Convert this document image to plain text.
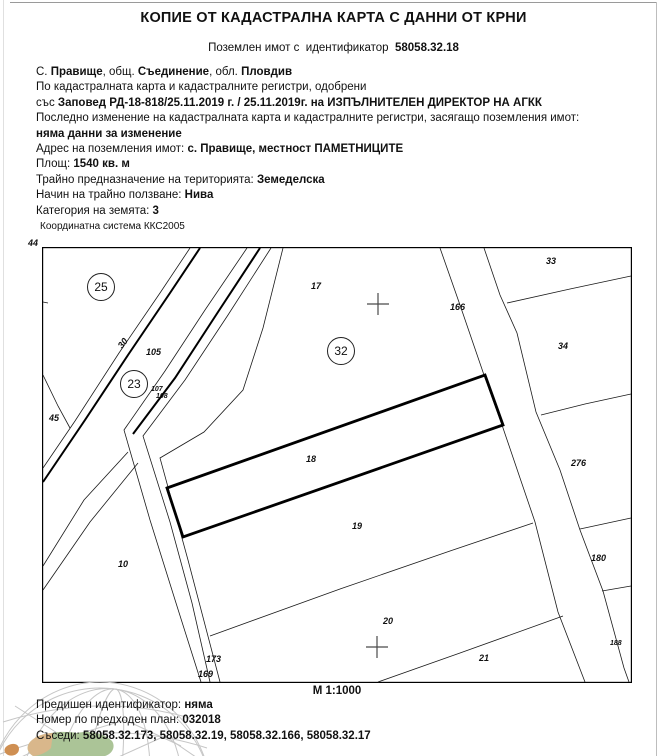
КОПИЕ ОТ КАДАСТРАЛНА КАРТА С ДАННИ ОТ КРНИ
Поземлен имот с  идентификатор 58058.32.18
С. Правище, общ. Съединение, обл. Пловдив
По кадастралната карта и кадастралните регистри, одобрени
със Заповед РД-18-818/25.11.2019 г. / 25.11.2019г. на ИЗПЪЛНИТЕЛЕН ДИРЕКТОР НА АГКК
Последно изменение на кадастралната карта и кадастралните регистри, засягащо поземления имот:
няма данни за изменение
Адрес на поземления имот: с. Правище, местност ПАМЕТНИЦИТЕ
Площ: 1540 кв. м
Трайно предназначение на територията: Земеделска
Начин на трайно ползване: Нива
Категория на земята: 3
Координатна система ККС2005
25
23
32
44
45
30
105
107
108
10
17
18
19
20
21
33
34
166
169
173
180
276
188
М 1:1000
Предишен идентификатор: няма
Номер по предходен план: 032018
Съседи: 58058.32.173, 58058.32.19, 58058.32.166, 58058.32.17
